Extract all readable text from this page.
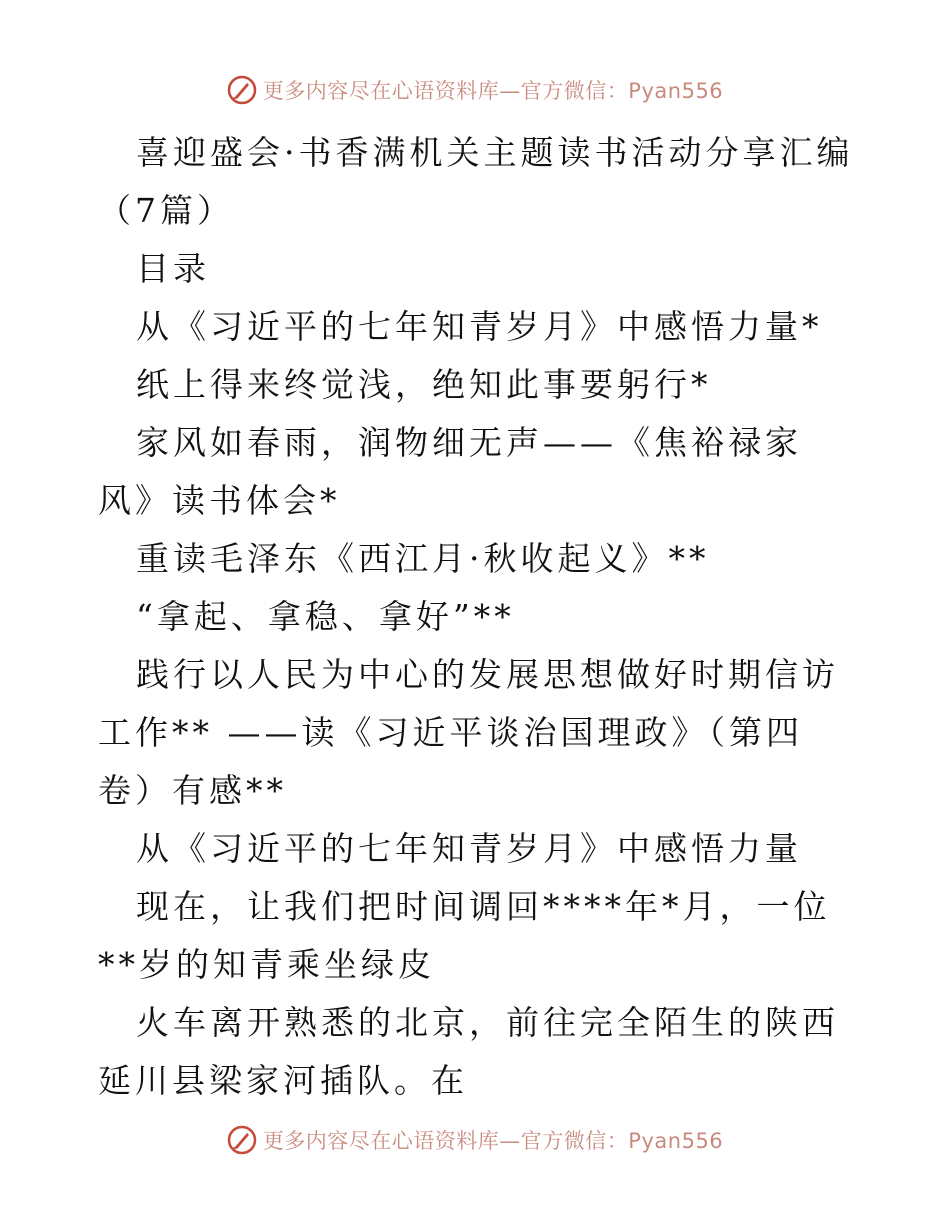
更多内容尽在心语资料库—官方微信：Pyan556

喜迎盛会·书香满机关主题读书活动分享汇编（7篇）

目录

从《习近平的七年知青岁月》中感悟力量*

纸上得来终觉浅，绝知此事要躬行*

家风如春雨，润物细无声——《焦裕禄家风》读书体会*

重读毛泽东《西江月·秋收起义》**

“拿起、拿稳、拿好”**

践行以人民为中心的发展思想做好时期信访工作** ——读《习近平谈治国理政》（第四卷）有感**

从《习近平的七年知青岁月》中感悟力量

现在，让我们把时间调回****年*月，一位**岁的知青乘坐绿皮

火车离开熟悉的北京，前往完全陌生的陕西延川县梁家河插队。在

更多内容尽在心语资料库—官方微信：Pyan556
